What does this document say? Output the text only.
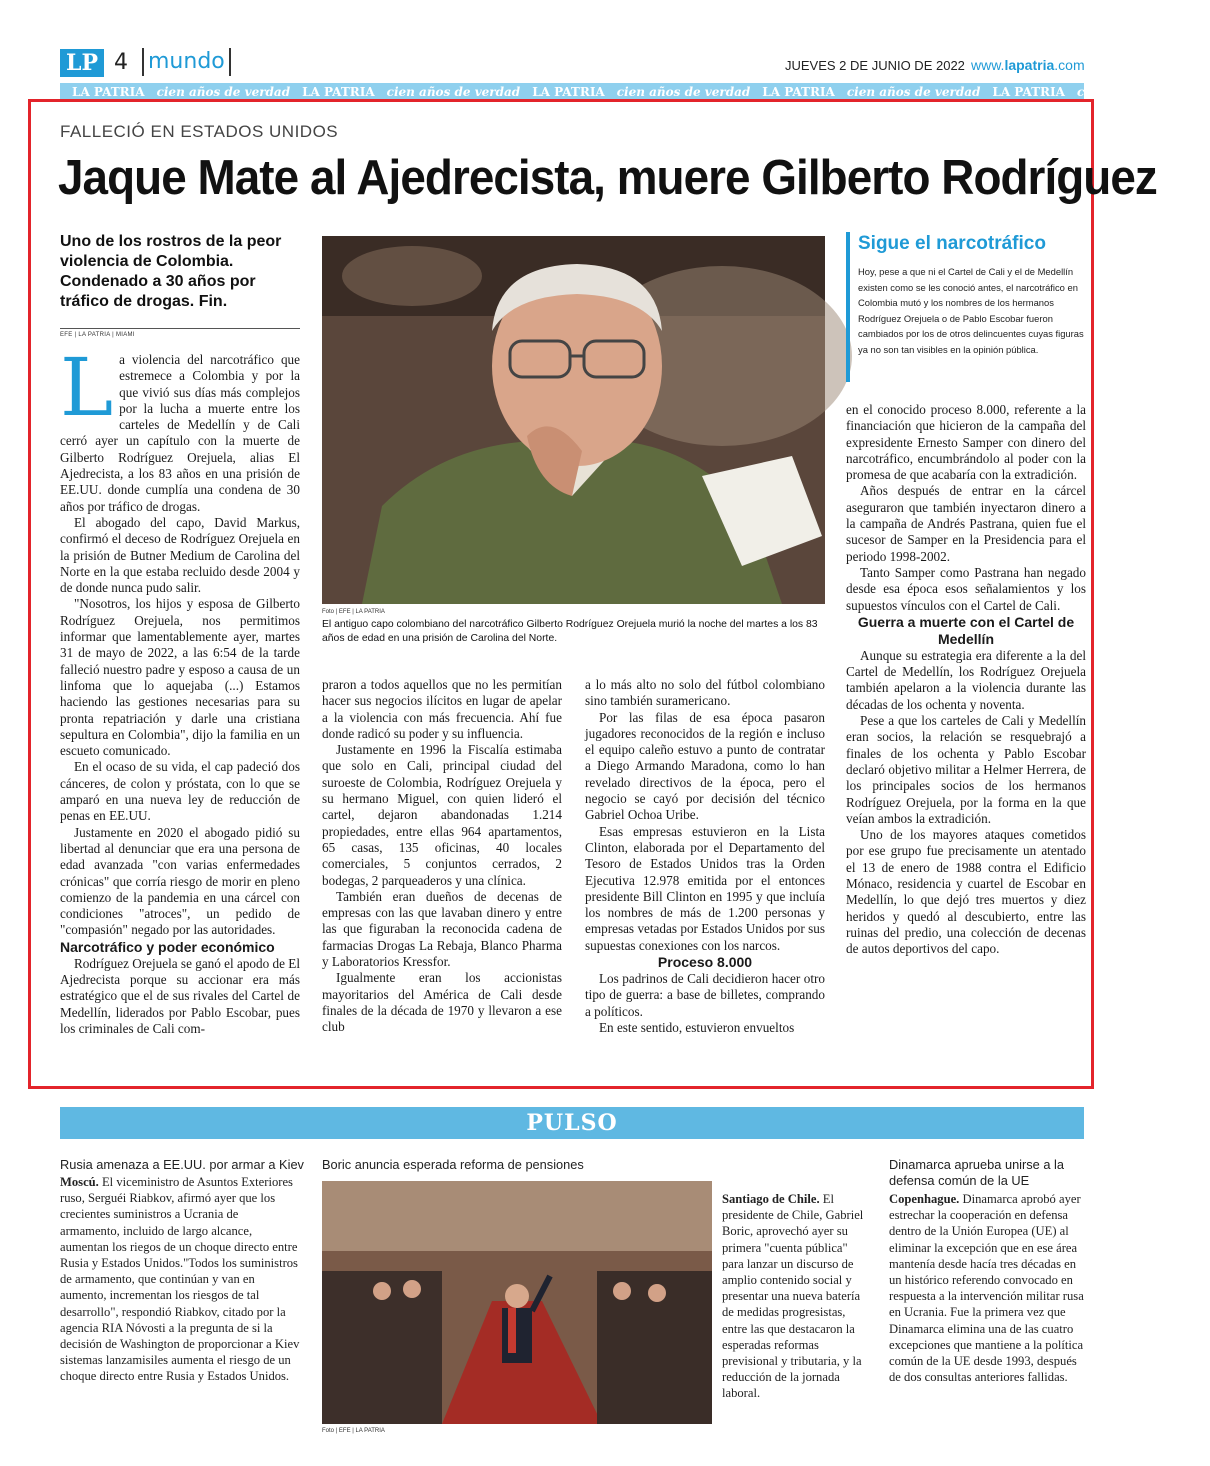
LP 4 mundo	JUEVES 2 DE JUNIO DE 2022 www.lapatria.com
LA PATRIA cien años de verdad LA PATRIA cien años de verdad LA PATRIA cien años de verdad LA PATRIA cien años de verdad LA PATRIA cien años de verdad
FALLECIÓ EN ESTADOS UNIDOS
Jaque Mate al Ajedrecista, muere Gilberto Rodríguez
Uno de los rostros de la peor violencia de Colombia. Condenado a 30 años por tráfico de drogas. Fin.
EFE | LA PATRIA | MIAMI

La violencia del narcotráfico que estremece a Colombia y por la que vivió sus días más complejos por la lucha a muerte entre los carteles de Medellín y de Cali cerró ayer un capítulo con la muerte de Gilberto Rodríguez Orejuela, alias El Ajedrecista, a los 83 años en una prisión de EE.UU. donde cumplía una condena de 30 años por tráfico de drogas.

El abogado del capo, David Markus, confirmó el deceso de Rodríguez Orejuela en la prisión de Butner Medium de Carolina del Norte en la que estaba recluido desde 2004 y de donde nunca pudo salir.

"Nosotros, los hijos y esposa de Gilberto Rodríguez Orejuela, nos permitimos informar que lamentablemente ayer, martes 31 de mayo de 2022, a las 6:54 de la tarde falleció nuestro padre y esposo a causa de un linfoma que lo aquejaba (...) Estamos haciendo las gestiones necesarias para su pronta repatriación y darle una cristiana sepultura en Colombia", dijo la familia en un escueto comunicado.

En el ocaso de su vida, el cap padeció dos cánceres, de colon y próstata, con lo que se amparó en una nueva ley de reducción de penas en EE.UU.

Justamente en 2020 el abogado pidió su libertad al denunciar que era una persona de edad avanzada "con varias enfermedades crónicas" que corría riesgo de morir en pleno comienzo de la pandemia en una cárcel con condiciones "atroces", un pedido de "compasión" negado por las autoridades.

Narcotráfico y poder económico

Rodríguez Orejuela se ganó el apodo de El Ajedrecista porque su accionar era más estratégico que el de sus rivales del Cartel de Medellín, liderados por Pablo Escobar, pues los criminales de Cali com-

Foto | EFE | LA PATRIA
El antiguo capo colombiano del narcotráfico Gilberto Rodríguez Orejuela murió la noche del martes a los 83 años de edad en una prisión de Carolina del Norte.

praron a todos aquellos que no les permitían hacer sus negocios ilícitos en lugar de apelar a la violencia con más frecuencia. Ahí fue donde radicó su poder y su influencia.

Justamente en 1996 la Fiscalía estimaba que solo en Cali, principal ciudad del suroeste de Colombia, Rodríguez Orejuela y su hermano Miguel, con quien lideró el cartel, dejaron abandonadas 1.214 propiedades, entre ellas 964 apartamentos, 65 casas, 135 oficinas, 40 locales comerciales, 5 conjuntos cerrados, 2 bodegas, 2 parqueaderos y una clínica.

También eran dueños de decenas de empresas con las que lavaban dinero y entre las que figuraban la reconocida cadena de farmacias Drogas La Rebaja, Blanco Pharma y Laboratorios Kressfor.

Igualmente eran los accionistas mayoritarios del América de Cali desde finales de la década de 1970 y llevaron a ese club

a lo más alto no solo del fútbol colombiano sino también suramericano.

Por las filas de esa época pasaron jugadores reconocidos de la región e incluso el equipo caleño estuvo a punto de contratar a Diego Armando Maradona, como lo han revelado directivos de la época, pero el negocio se cayó por decisión del técnico Gabriel Ochoa Uribe.

Esas empresas estuvieron en la Lista Clinton, elaborada por el Departamento del Tesoro de Estados Unidos tras la Orden Ejecutiva 12.978 emitida por el entonces presidente Bill Clinton en 1995 y que incluía los nombres de más de 1.200 personas y empresas vetadas por Estados Unidos por sus supuestas conexiones con los narcos.

Proceso 8.000

Los padrinos de Cali decidieron hacer otro tipo de guerra: a base de billetes, comprando a políticos.

En este sentido, estuvieron envueltos

Sigue el narcotráfico
Hoy, pese a que ni el Cartel de Cali y el de Medellín existen como se les conoció antes, el narcotráfico en Colombia mutó y los nombres de los hermanos Rodríguez Orejuela o de Pablo Escobar fueron cambiados por los de otros delincuentes cuyas figuras ya no son tan visibles en la opinión pública.

en el conocido proceso 8.000, referente a la financiación que hicieron de la campaña del expresidente Ernesto Samper con dinero del narcotráfico, encumbrándolo al poder con la promesa de que acabaría con la extradición.

Años después de entrar en la cárcel aseguraron que también inyectaron dinero a la campaña de Andrés Pastrana, quien fue el sucesor de Samper en la Presidencia para el periodo 1998-2002.

Tanto Samper como Pastrana han negado desde esa época esos señalamientos y los supuestos vínculos con el Cartel de Cali.

Guerra a muerte con el Cartel de Medellín

Aunque su estrategia era diferente a la del Cartel de Medellín, los Rodríguez Orejuela también apelaron a la violencia durante las décadas de los ochenta y noventa.

Pese a que los carteles de Cali y Medellín eran socios, la relación se resquebrajó a finales de los ochenta y Pablo Escobar declaró objetivo militar a Helmer Herrera, de los principales socios de los hermanos Rodríguez Orejuela, por la forma en la que veían ambos la extradición.

Uno de los mayores ataques cometidos por ese grupo fue precisamente un atentado el 13 de enero de 1988 contra el Edificio Mónaco, residencia y cuartel de Escobar en Medellín, lo que dejó tres muertos y diez heridos y quedó al descubierto, entre las ruinas del predio, una colección de decenas de autos deportivos del capo.

PULSO
Rusia amenaza a EE.UU. por armar a Kiev
Moscú. El viceministro de Asuntos Exteriores ruso, Serguéi Riabkov, afirmó ayer que los crecientes suministros a Ucrania de armamento, incluido de largo alcance, aumentan los riegos de un choque directo entre Rusia y Estados Unidos."Todos los suministros de armamento, que continúan y van en aumento, incrementan los riesgos de tal desarrollo", respondió Riabkov, citado por la agencia RIA Nóvosti a la pregunta de si la decisión de Washington de proporcionar a Kiev sistemas lanzamisiles aumenta el riesgo de un choque directo entre Rusia y Estados Unidos.
Boric anuncia esperada reforma de pensiones
Foto | EFE | LA PATRIA
Santiago de Chile. El presidente de Chile, Gabriel Boric, aprovechó ayer su primera "cuenta pública" para lanzar un discurso de amplio contenido social y presentar una nueva batería de medidas progresistas, entre las que destacaron la esperadas reformas previsional y tributaria, y la reducción de la jornada laboral.
Dinamarca aprueba unirse a la defensa común de la UE
Copenhague. Dinamarca aprobó ayer estrechar la cooperación en defensa dentro de la Unión Europea (UE) al eliminar la excepción que en ese área mantenía desde hacía tres décadas en un histórico referendo convocado en respuesta a la intervención militar rusa en Ucrania. Fue la primera vez que Dinamarca elimina una de las cuatro excepciones que mantiene a la política común de la UE desde 1993, después de dos consultas anteriores fallidas.
